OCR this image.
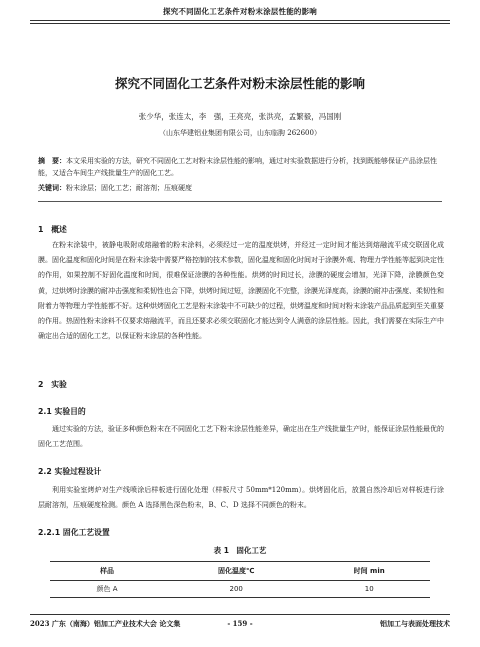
探究不同固化工艺条件对粉末涂层性能的影响
探究不同固化工艺条件对粉末涂层性能的影响
张少华，张连太，李　强，王亮亮，张洪亮，孟繁毅，冯国刚
（山东华建铝业集团有限公司，山东临朐 262600）
摘　要：本文采用实验的方法，研究不同固化工艺对粉末涂层性能的影响，通过对实验数据进行分析，找到既能够保证产品涂层性能，又适合车间生产线批量生产的固化工艺。
关键词：粉末涂层；固化工艺；耐溶剂；压痕硬度
1　概述
在粉末涂装中，被静电吸附或熔融着的粉末涂料，必须经过一定的温度烘烤，并经过一定时间才能达到熔融流平成交联固化成膜。固化温度和固化时间是在粉末涂装中需要严格控制的技术参数，固化温度和固化时间对于涂膜外观、物理力学性能等起到决定性的作用，如果控制不好固化温度和时间，很难保证涂膜的各种性能。烘烤的时间过长，涂膜的硬度会增加，光泽下降，涂膜颜色变黄，过烘烤时涂膜的耐冲击强度和柔韧性也会下降，烘烤时间过短，涂膜固化不完整，涂膜光泽度高，涂膜的耐冲击强度、柔韧性和附着力等物理力学性能都不好。这种烘烤固化工艺是粉末涂装中不可缺少的过程，烘烤温度和时间对粉末涂装产品品质起到至关重要的作用。热固性粉末涂料不仅要求熔融流平，而且还要求必须交联固化才能达到令人满意的涂层性能。因此，我们需要在实际生产中确定出合适的固化工艺，以保证粉末涂层的各种性能。
2　实验
2.1 实验目的
通过实验的方法，验证多种颜色粉末在不同固化工艺下粉末涂层性能差异，确定出在生产线批量生产时，能保证涂层性能最优的固化工艺范围。
2.2 实验过程设计
利用实验室烤炉对生产线喷涂后样板进行固化处理（样板尺寸 50mm*120mm）。烘烤固化后，放置自然冷却后对样板进行涂层耐溶剂，压痕硬度检测。颜色 A 选择黑色深色粉末，B、C、D 选择不同颜色的粉末。
2.2.1 固化工艺设置
表 1　固化工艺
样品	固化温度℃	时间 min
颜色 A	200	10
2023 广东（南海）铝加工产业技术大会 论文集	- 159 -	铝加工与表面处理技术
